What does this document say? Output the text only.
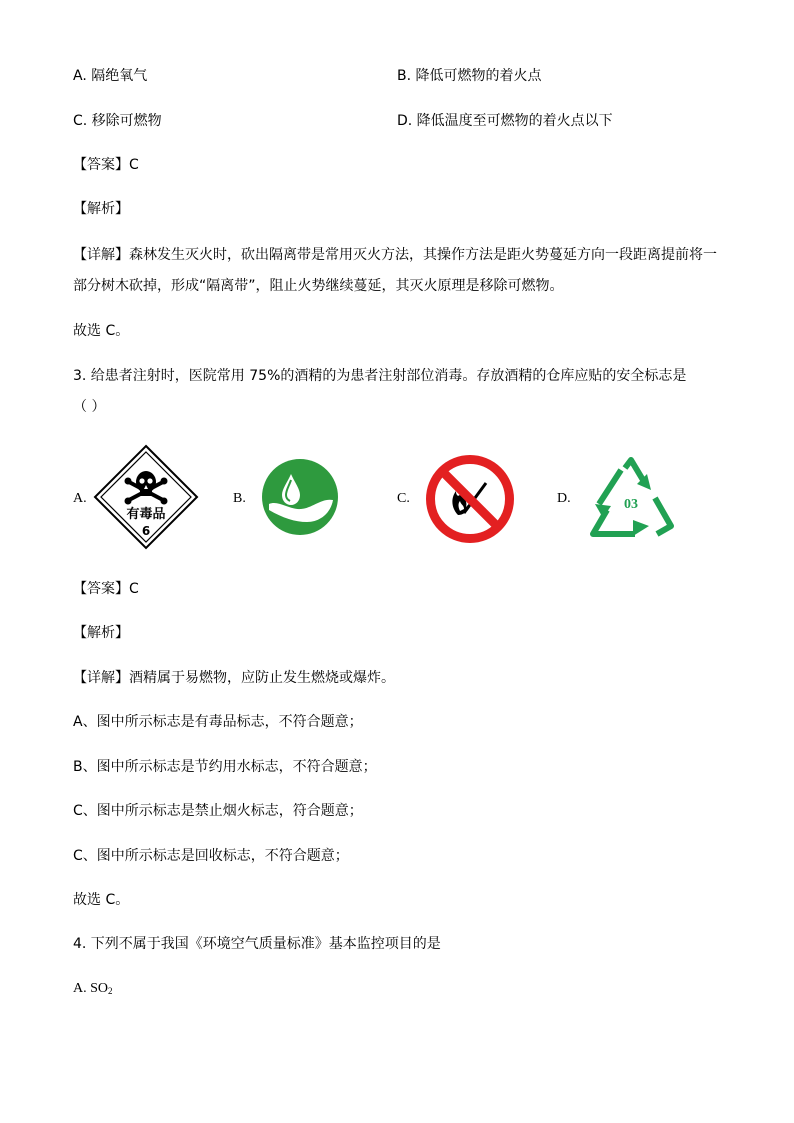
A. 隔绝氧气	B. 降低可燃物的着火点
C. 移除可燃物	D. 降低温度至可燃物的着火点以下
【答案】C
【解析】
【详解】森林发生灭火时，砍出隔离带是常用灭火方法，其操作方法是距火势蔓延方向一段距离提前将一部分树木砍掉，形成“隔离带”，阻止火势继续蔓延，其灭火原理是移除可燃物。
故选 C。
3. 给患者注射时，医院常用 75%的酒精的为患者注射部位消毒。存放酒精的仓库应贴的安全标志是
（ ）
A.	B.	C.	D.
有毒品
6
03
【答案】C
【解析】
【详解】酒精属于易燃物，应防止发生燃烧或爆炸。
A、图中所示标志是有毒品标志，不符合题意；
B、图中所示标志是节约用水标志，不符合题意；
C、图中所示标志是禁止烟火标志，符合题意；
C、图中所示标志是回收标志，不符合题意；
故选 C。
4. 下列不属于我国《环境空气质量标准》基本监控项目的是
A. $SO_2$
